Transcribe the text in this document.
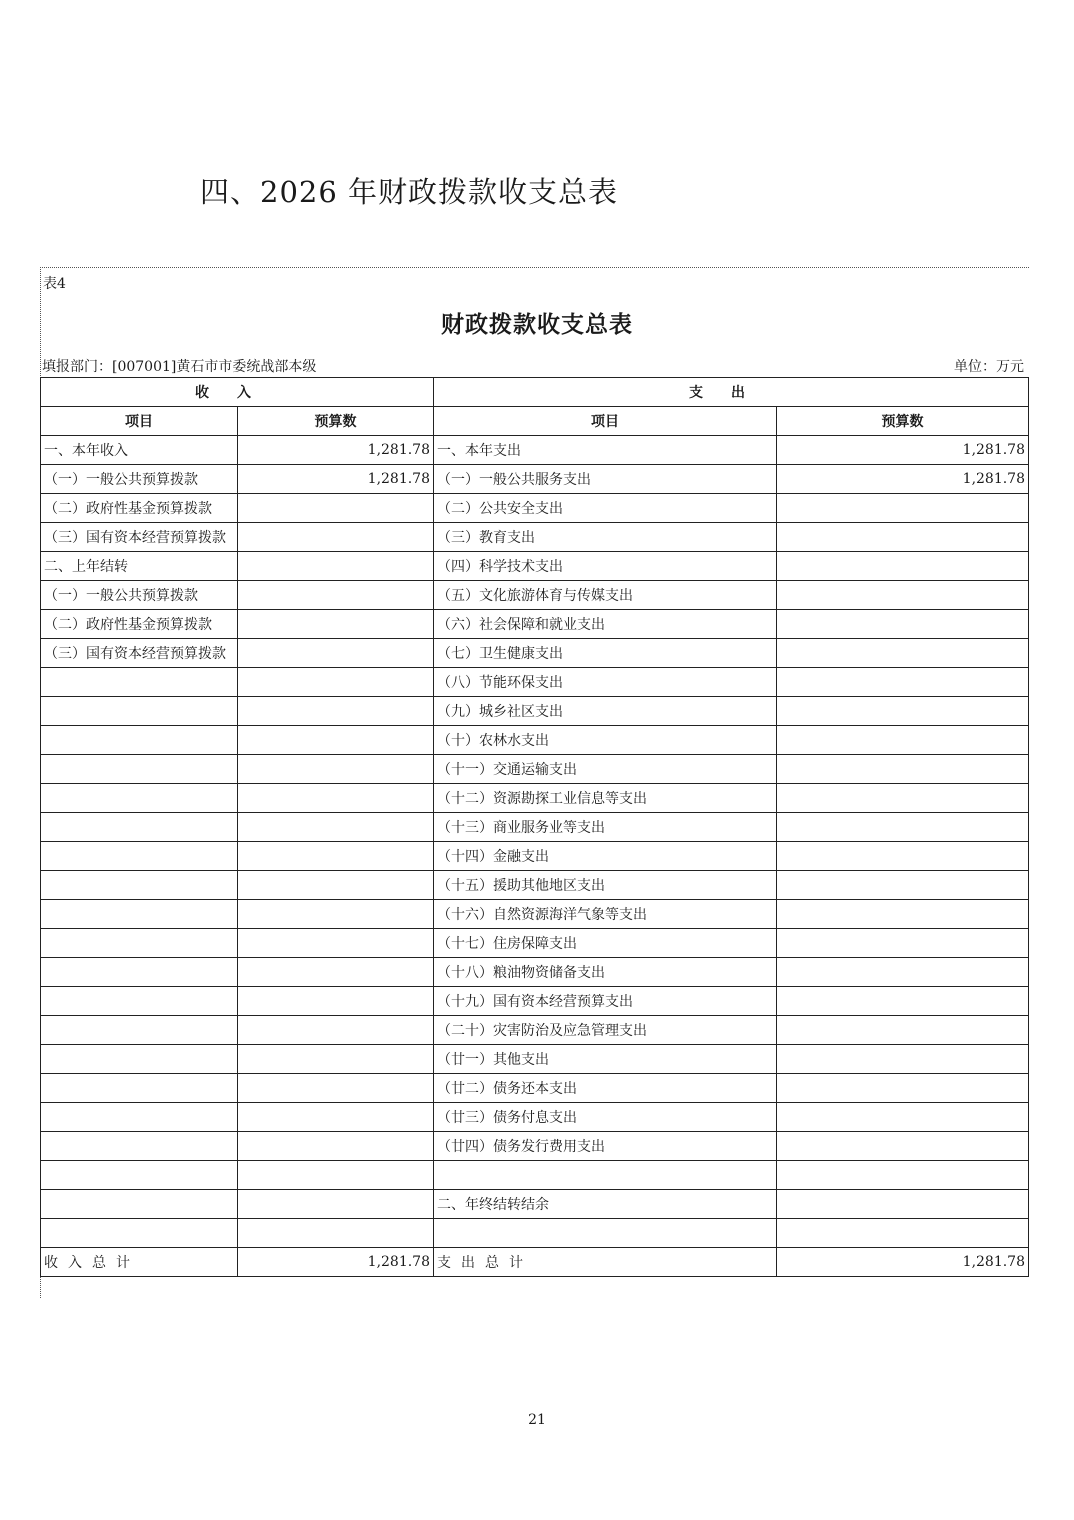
四、2026 年财政拨款收支总表
表4
财政拨款收支总表
填报部门：[007001]黄石市市委统战部本级	单位：万元
收入		支出	
项目	预算数	项目	预算数
一、本年收入	1,281.78	一、本年支出	1,281.78
（一）一般公共预算拨款	1,281.78	（一）一般公共服务支出	1,281.78
（二）政府性基金预算拨款		（二）公共安全支出	
（三）国有资本经营预算拨款		（三）教育支出	
二、上年结转		（四）科学技术支出	
（一）一般公共预算拨款		（五）文化旅游体育与传媒支出	
（二）政府性基金预算拨款		（六）社会保障和就业支出	
（三）国有资本经营预算拨款		（七）卫生健康支出	
		（八）节能环保支出	
		（九）城乡社区支出	
		（十）农林水支出	
		（十一）交通运输支出	
		（十二）资源勘探工业信息等支出	
		（十三）商业服务业等支出	
		（十四）金融支出	
		（十五）援助其他地区支出	
		（十六）自然资源海洋气象等支出	
		（十七）住房保障支出	
		（十八）粮油物资储备支出	
		（十九）国有资本经营预算支出	
		（二十）灾害防治及应急管理支出	
		（廿一）其他支出	
		（廿二）债务还本支出	
		（廿三）债务付息支出	
		（廿四）债务发行费用支出	

		二、年终结转结余	

收入总计	1,281.78	支出总计	1,281.78
21
